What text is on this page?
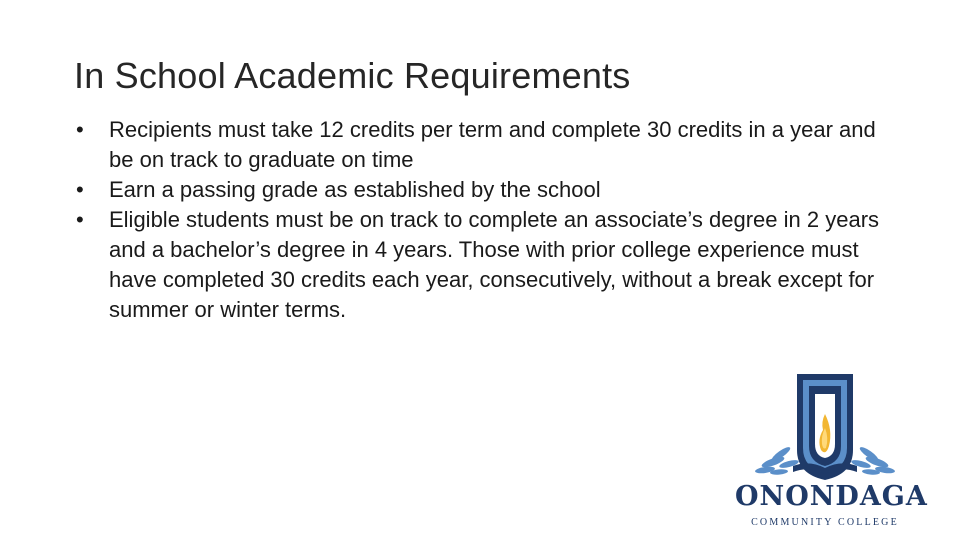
In School Academic Requirements
• Recipients must take 12 credits per term and complete 30 credits in a year and be on track to graduate on time
• Earn a passing grade as established by the school
• Eligible students must be on track to complete an associate’s degree in 2 years and a bachelor’s degree in 4 years. Those with prior college experience must have completed 30 credits each year, consecutively, without a break except for summer or winter terms.
ONONDAGA
COMMUNITY COLLEGE
